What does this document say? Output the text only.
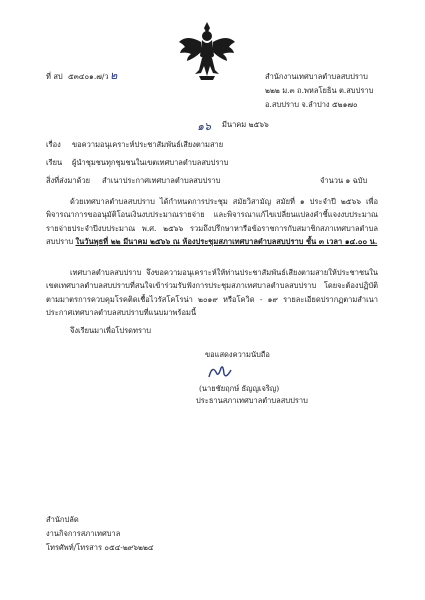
ที่ สป ๕๓๔๐๑.๗/ว ๒	สำนักงานเทศบาลตำบลสบปราบ
๒๒๒ ม.๓ ถ.พหลโยธิน ต.สบปราบ
อ.สบปราบ จ.ลำปาง ๕๒๑๗๐
๑๖ มีนาคม ๒๕๖๖
เรื่อง ขอความอนุเคราะห์ประชาสัมพันธ์เสียงตามสาย
เรียน ผู้นำชุมชนทุกชุมชนในเขตเทศบาลตำบลสบปราบ
สิ่งที่ส่งมาด้วย สำเนาประกาศเทศบาลตำบลสบปราบ	จำนวน ๑ ฉบับ

ด้วยเทศบาลตำบลสบปราบ ได้กำหนดการประชุม สมัยวิสามัญ สมัยที่ ๑ ประจำปี ๒๕๖๖ เพื่อพิจารณาการขออนุมัติโอนเงินงบประมาณรายจ่าย และพิจารณาแก้ไขเปลี่ยนแปลงคำชี้แจงงบประมาณรายจ่ายประจำปีงบประมาณ พ.ศ. ๒๕๖๖ รวมถึงปรึกษาหารือข้อราชการกับสมาชิกสภาเทศบาลตำบลสบปราบ ในวันพุธที่ ๒๒ มีนาคม ๒๕๖๖ ณ ห้องประชุมสภาเทศบาลตำบลสบปราบ ชั้น ๓ เวลา ๑๔.๐๐ น.

เทศบาลตำบลสบปราบ จึงขอความอนุเคราะห์ให้ท่านประชาสัมพันธ์เสียงตามสายให้ประชาชนในเขตเทศบาลตำบลสบปราบที่สนใจเข้าร่วมรับฟังการประชุมสภาเทศบาลตำบลสบปราบ โดยจะต้องปฏิบัติตามมาตรการควบคุมโรคติดเชื้อไวรัสโคโรน่า ๒๐๑๙ หรือโควิด - ๑๙ รายละเอียดปรากฏตามสำเนาประกาศเทศบาลตำบลสบปราบที่แนบมาพร้อมนี้

จึงเรียนมาเพื่อโปรดทราบ
ขอแสดงความนับถือ
(นายชัยฤกษ์ ธัญญเจริญ)
ประธานสภาเทศบาลตำบลสบปราบ
สำนักปลัด
งานกิจการสภาเทศบาล
โทรศัพท์/โทรสาร ๐๕๔-๒๙๖๒๒๔
